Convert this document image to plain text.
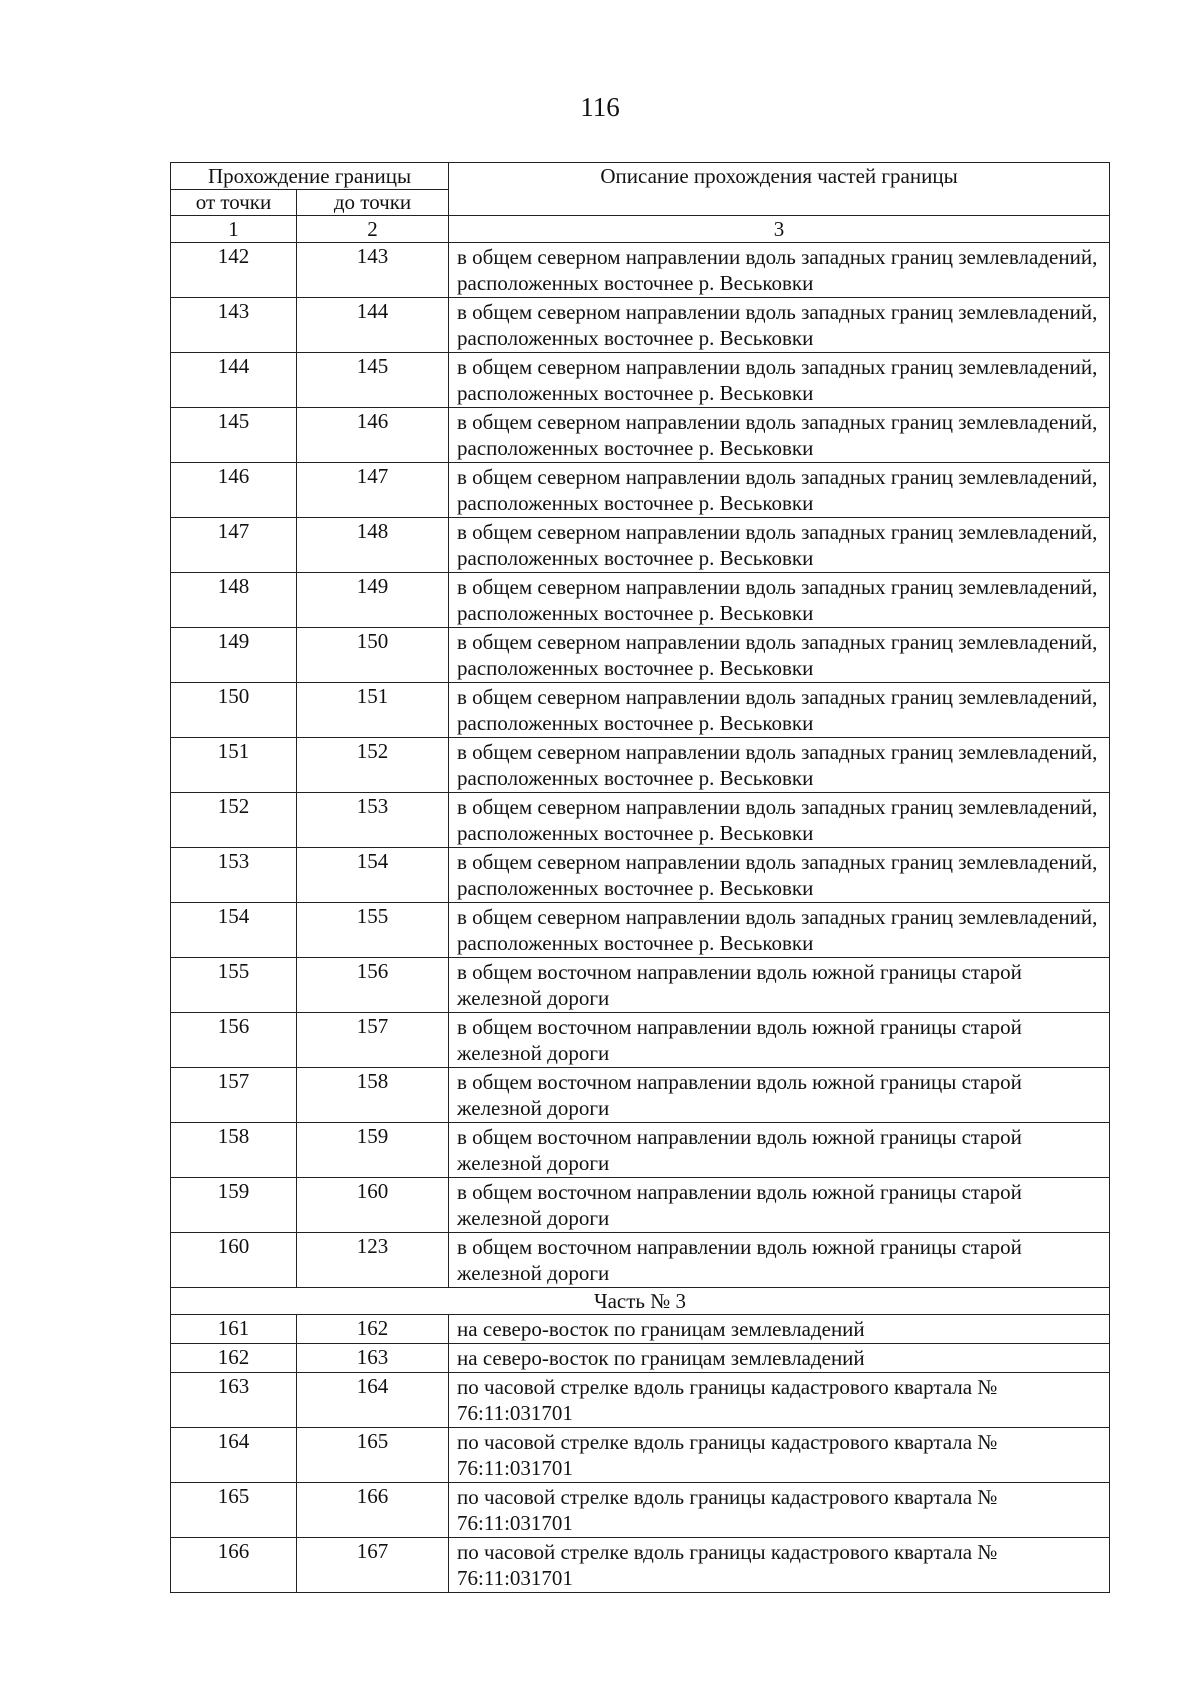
116
Прохождение границы		Описание прохождения частей границы
от точки	до точки	
1	2	3
142	143	в общем северном направлении вдоль западных границ землевладений, расположенных восточнее р. Веськовки
143	144	в общем северном направлении вдоль западных границ землевладений, расположенных восточнее р. Веськовки
144	145	в общем северном направлении вдоль западных границ землевладений, расположенных восточнее р. Веськовки
145	146	в общем северном направлении вдоль западных границ землевладений, расположенных восточнее р. Веськовки
146	147	в общем северном направлении вдоль западных границ землевладений, расположенных восточнее р. Веськовки
147	148	в общем северном направлении вдоль западных границ землевладений, расположенных восточнее р. Веськовки
148	149	в общем северном направлении вдоль западных границ землевладений, расположенных восточнее р. Веськовки
149	150	в общем северном направлении вдоль западных границ землевладений, расположенных восточнее р. Веськовки
150	151	в общем северном направлении вдоль западных границ землевладений, расположенных восточнее р. Веськовки
151	152	в общем северном направлении вдоль западных границ землевладений, расположенных восточнее р. Веськовки
152	153	в общем северном направлении вдоль западных границ землевладений, расположенных восточнее р. Веськовки
153	154	в общем северном направлении вдоль западных границ землевладений, расположенных восточнее р. Веськовки
154	155	в общем северном направлении вдоль западных границ землевладений, расположенных восточнее р. Веськовки
155	156	в общем восточном направлении вдоль южной границы старой железной дороги
156	157	в общем восточном направлении вдоль южной границы старой железной дороги
157	158	в общем восточном направлении вдоль южной границы старой железной дороги
158	159	в общем восточном направлении вдоль южной границы старой железной дороги
159	160	в общем восточном направлении вдоль южной границы старой железной дороги
160	123	в общем восточном направлении вдоль южной границы старой железной дороги
Часть № 3		
161	162	на северо-восток по границам землевладений
162	163	на северо-восток по границам землевладений
163	164	по часовой стрелке вдоль границы кадастрового квартала № 76:11:031701
164	165	по часовой стрелке вдоль границы кадастрового квартала № 76:11:031701
165	166	по часовой стрелке вдоль границы кадастрового квартала № 76:11:031701
166	167	по часовой стрелке вдоль границы кадастрового квартала № 76:11:031701
